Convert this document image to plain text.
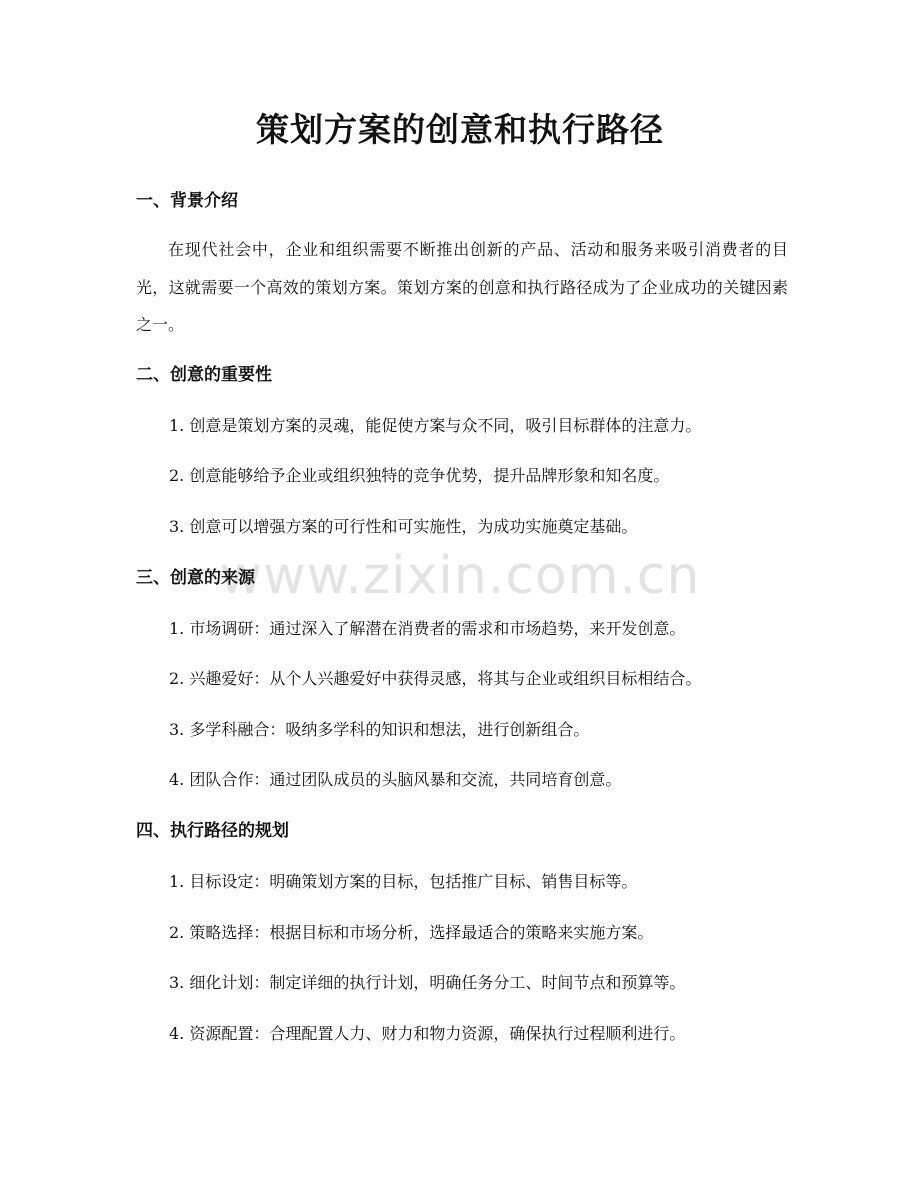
www.zixin.com.cn
策划方案的创意和执行路径
一、背景介绍

在现代社会中，企业和组织需要不断推出创新的产品、活动和服务来吸引消费者的目光，这就需要一个高效的策划方案。策划方案的创意和执行路径成为了企业成功的关键因素之一。

二、创意的重要性

1. 创意是策划方案的灵魂，能促使方案与众不同，吸引目标群体的注意力。

2. 创意能够给予企业或组织独特的竞争优势，提升品牌形象和知名度。

3. 创意可以增强方案的可行性和可实施性，为成功实施奠定基础。

三、创意的来源

1. 市场调研：通过深入了解潜在消费者的需求和市场趋势，来开发创意。

2. 兴趣爱好：从个人兴趣爱好中获得灵感，将其与企业或组织目标相结合。

3. 多学科融合：吸纳多学科的知识和想法，进行创新组合。

4. 团队合作：通过团队成员的头脑风暴和交流，共同培育创意。

四、执行路径的规划

1. 目标设定：明确策划方案的目标，包括推广目标、销售目标等。

2. 策略选择：根据目标和市场分析，选择最适合的策略来实施方案。

3. 细化计划：制定详细的执行计划，明确任务分工、时间节点和预算等。

4. 资源配置：合理配置人力、财力和物力资源，确保执行过程顺利进行。
